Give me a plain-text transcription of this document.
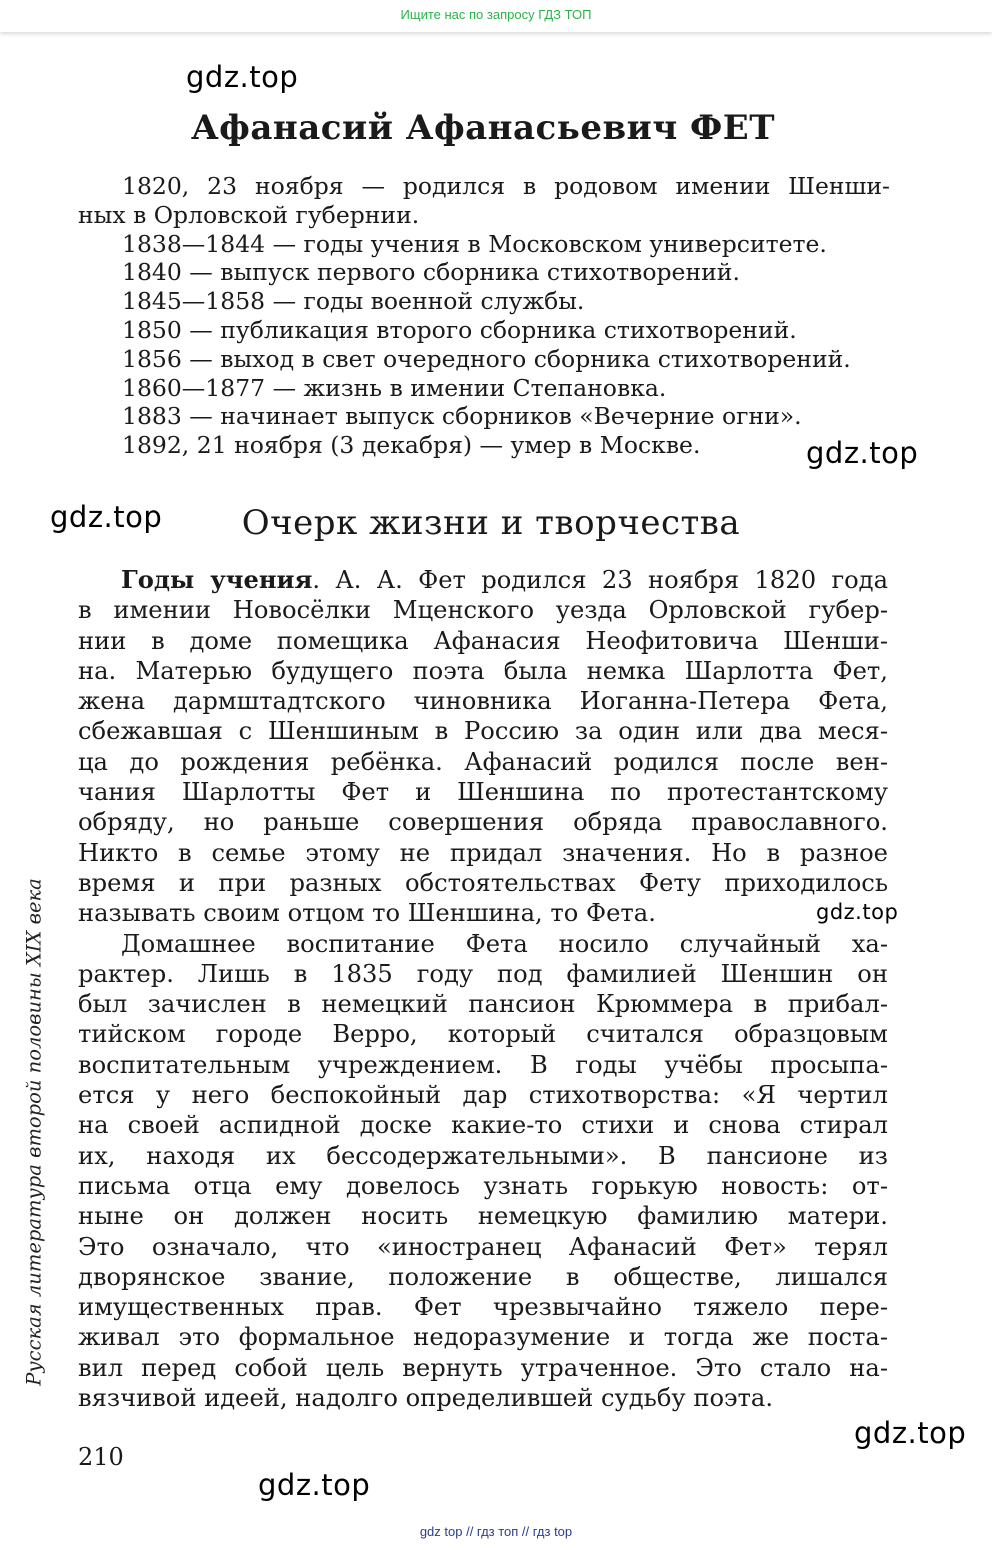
Ищите нас по запросу ГДЗ ТОП
gdz.top
gdz.top
gdz.top
gdz.top
gdz.top
gdz.top
Афанасий Афанасьевич ФЕТ
1820, 23 ноября — родился в родовом имении Шенши-
ных в Орловской губернии.
1838—1844 — годы учения в Московском университете.
1840 — выпуск первого сборника стихотворений.
1845—1858 — годы военной службы.
1850 — публикация второго сборника стихотворений.
1856 — выход в свет очередного сборника стихотворений.
1860—1877 — жизнь в имении Степановка.
1883 — начинает выпуск сборников «Вечерние огни».
1892, 21 ноября (3 декабря) — умер в Москве.
Очерк жизни и творчества
Годы учения. А. А. Фет родился 23 ноября 1820 года
в имении Новосёлки Мценского уезда Орловской губер-
нии в доме помещика Афанасия Неофитовича Шенши-
на. Матерью будущего поэта была немка Шарлотта Фет,
жена дармштадтского чиновника Иоганна-Петера Фета,
сбежавшая с Шеншиным в Россию за один или два меся-
ца до рождения ребёнка. Афанасий родился после вен-
чания Шарлотты Фет и Шеншина по протестантскому
обряду, но раньше совершения обряда православного.
Никто в семье этому не придал значения. Но в разное
время и при разных обстоятельствах Фету приходилось
называть своим отцом то Шеншина, то Фета.
Домашнее воспитание Фета носило случайный ха-
рактер. Лишь в 1835 году под фамилией Шеншин он
был зачислен в немецкий пансион Крюммера в прибал-
тийском городе Верро, который считался образцовым
воспитательным учреждением. В годы учёбы просыпа-
ется у него беспокойный дар стихотворства: «Я чертил
на своей аспидной доске какие-то стихи и снова стирал
их, находя их бессодержательными». В пансионе из
письма отца ему довелось узнать горькую новость: от-
ныне он должен носить немецкую фамилию матери.
Это означало, что «иностранец Афанасий Фет» терял
дворянское звание, положение в обществе, лишался
имущественных прав. Фет чрезвычайно тяжело пере-
живал это формальное недоразумение и тогда же поста-
вил перед собой цель вернуть утраченное. Это стало на-
вязчивой идеей, надолго определившей судьбу поэта.
Русская литература второй половины XIX века
210
gdz top // гдз топ // гдз top
